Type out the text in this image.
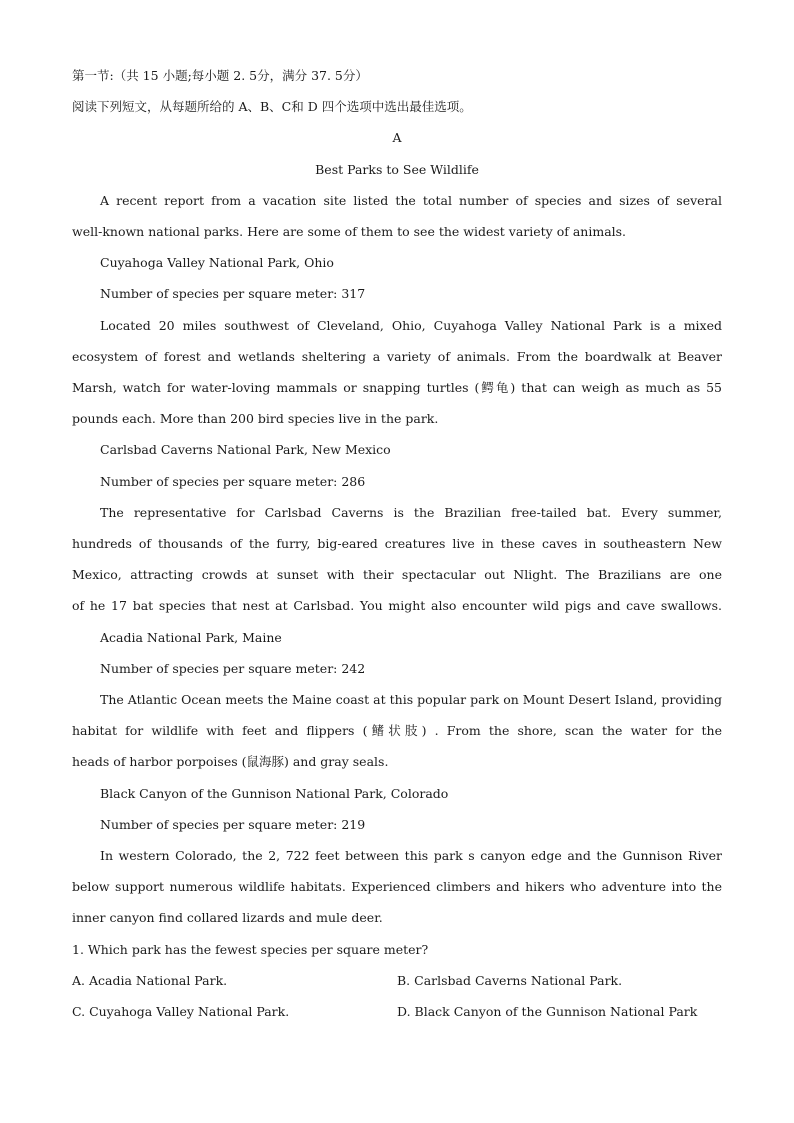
第一节:（共 15 小题;每小题 2. 5分，满分 37. 5分）
阅读下列短文，从每题所给的 A、B、C和 D 四个选项中选出最佳选项。
A
Best Parks to See Wildlife
A recent report from a vacation site listed the total number of species and sizes of several
well-known national parks. Here are some of them to see the widest variety of animals.
Cuyahoga Valley National Park, Ohio
Number of species per square meter: 317
Located 20 miles southwest of Cleveland, Ohio, Cuyahoga Valley National Park is a mixed
ecosystem of forest and wetlands sheltering a variety of animals. From the boardwalk at Beaver
Marsh, watch for water-loving mammals or snapping turtles (鳄龟) that can weigh as much as 55
pounds each. More than 200 bird species live in the park.
Carlsbad Caverns National Park, New Mexico
Number of species per square meter: 286
The representative for Carlsbad Caverns is the Brazilian free-tailed bat. Every summer,
hundreds of thousands of the furry, big-eared creatures live in these caves in southeastern New
Mexico, attracting crowds at sunset with their spectacular out Nlight. The Brazilians are one
of he 17 bat species that nest at Carlsbad. You might also encounter wild pigs and cave swallows.
Acadia National Park, Maine
Number of species per square meter: 242
The Atlantic Ocean meets the Maine coast at this popular park on Mount Desert Island, providing
habitat for wildlife with feet and flippers (鳍状肢) . From the shore, scan the water for the
heads of harbor porpoises (鼠海豚) and gray seals.
Black Canyon of the Gunnison National Park, Colorado
Number of species per square meter: 219
In western Colorado, the 2, 722 feet between this park s canyon edge and the Gunnison River
below support numerous wildlife habitats. Experienced climbers and hikers who adventure into the
inner canyon find collared lizards and mule deer.
1. Which park has the fewest species per square meter?
A. Acadia National Park.	B. Carlsbad Caverns National Park.
C. Cuyahoga Valley National Park.	D. Black Canyon of the Gunnison National Park
